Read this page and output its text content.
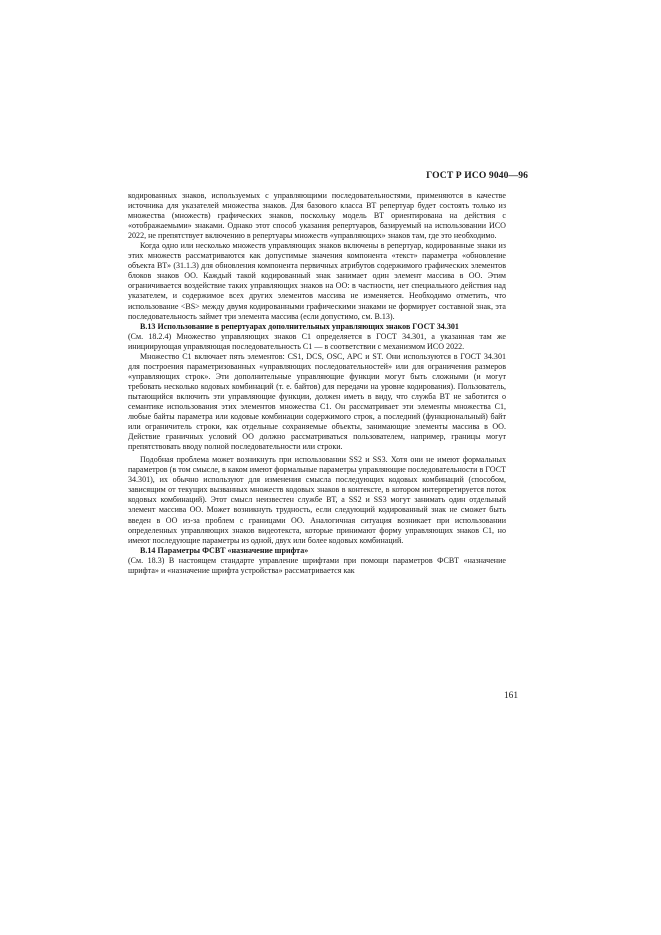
ГОСТ Р ИСО 9040—96

кодированных знаков, используемых с управляющими последовательностями, применяются в качестве источника для указателей множества знаков. Для базового класса ВТ репертуар будет состоять только из множества (множеств) графических знаков, поскольку модель ВТ ориентирована на действия с «отображаемыми» знаками. Однако этот способ указания репертуаров, базируемый на использовании ИСО 2022, не препятствует включению в репертуары множеств «управляющих» знаков там, где это необходимо.

Когда одно или несколько множеств управляющих знаков включены в репертуар, кодированные знаки из этих множеств рассматриваются как допустимые значения компонента «текст» параметра «обновление объекта ВТ» (31.1.3) для обновления компонента первичных атрибутов содержимого графических элементов блоков знаков ОО. Каждый такой кодированный знак занимает один элемент массива в ОО. Этим ограничивается воздействие таких управляющих знаков на ОО: в частности, нет специального действия над указателем, и содержимое всех других элементов массива не изменяется. Необходимо отметить, что использование <BS> между двумя кодированными графическими знаками не формирует составной знак, эта последовательность займет три элемента массива (если допустимо, см. В.13).

В.13 Использование в репертуарах дополнительных управляющих знаков ГОСТ 34.301
(См. 18.2.4) Множество управляющих знаков С1 определяется в ГОСТ 34.301, а указанная там же инициирующая управляющая последовательность С1 — в соответствии с механизмом ИСО 2022.

Множество С1 включает пять элементов: CS1, DCS, OSC, APC и ST. Они используются в ГОСТ 34.301 для построения параметризованных «управляющих последовательностей» или для ограничения размеров «управляющих строк». Эти дополнительные управляющие функции могут быть сложными (и могут требовать несколько кодовых комбинаций (т. е. байтов) для передачи на уровне кодирования). Пользователь, пытающийся включить эти управляющие функции, должен иметь в виду, что служба ВТ не заботится о семантике использования этих элементов множества С1. Он рассматривает эти элементы множества С1, любые байты параметра или кодовые комбинации содержимого строк, а последний (функциональный) байт или ограничитель строки, как отдельные сохраняемые объекты, занимающие элементы массива в ОО. Действие граничных условий ОО должно рассматриваться пользователем, например, границы могут препятствовать вводу полной последовательности или строки.

Подобная проблема может возникнуть при использовании SS2 и SS3. Хотя они не имеют формальных параметров (в том смысле, в каком имеют формальные параметры управляющие последовательности в ГОСТ 34.301), их обычно используют для изменения смысла последующих кодовых комбинаций (способом, зависящим от текущих вызванных множеств кодовых знаков в контексте, в котором интерпретируется поток кодовых комбинаций). Этот смысл неизвестен службе ВТ, а SS2 и SS3 могут занимать один отдельный элемент массива ОО. Может возникнуть трудность, если следующий кодированный знак не сможет быть введен в ОО из-за проблем с границами ОО. Аналогичная ситуация возникает при использовании определенных управляющих знаков видеотекста, которые принимают форму управляющих знаков С1, но имеют последующие параметры из одной, двух или более кодовых комбинаций.

В.14 Параметры ФСВТ «назначение шрифта»
(См. 18.3) В настоящем стандарте управление шрифтами при помощи параметров ФСВТ «назначение шрифта» и «назначение шрифта устройства» рассматривается как

161
